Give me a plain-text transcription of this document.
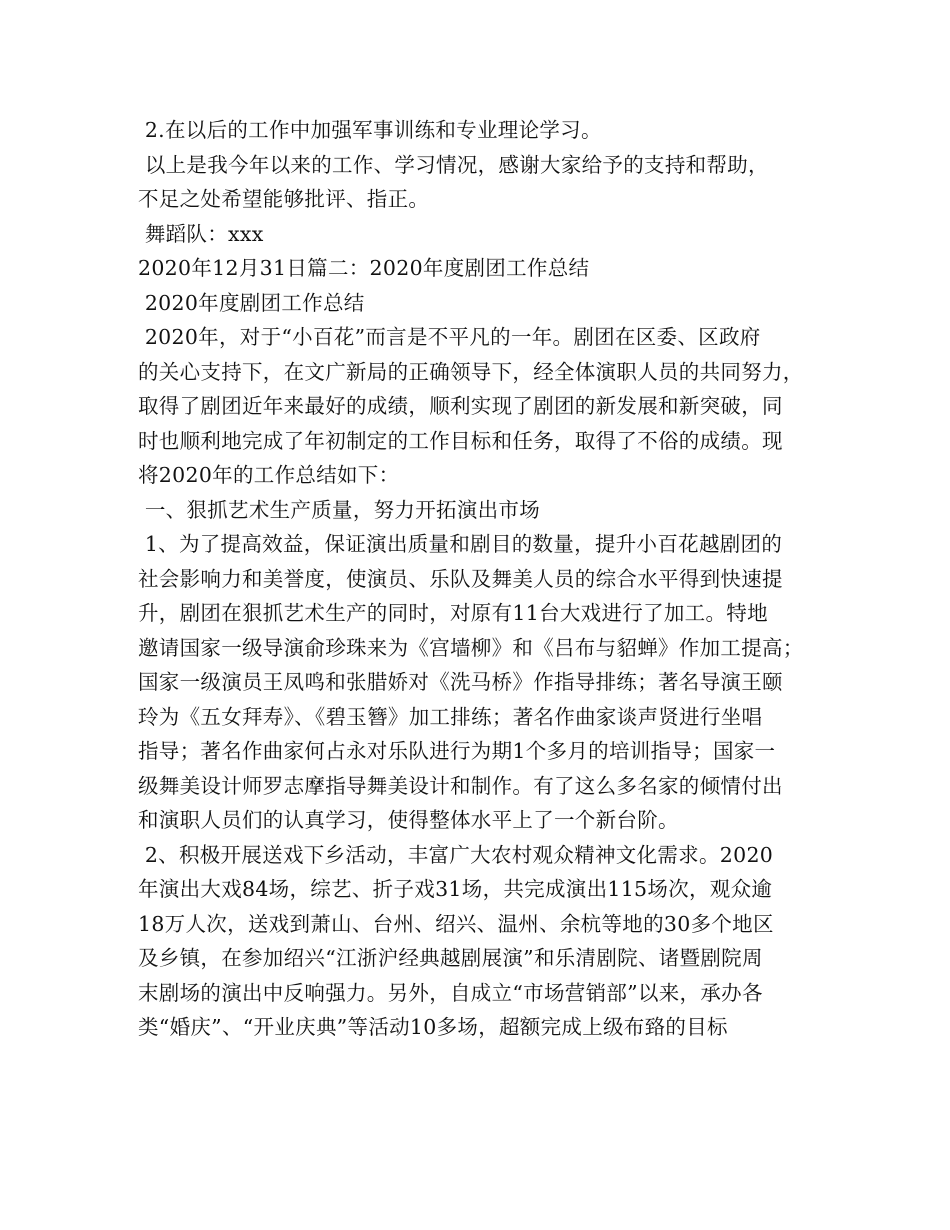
2.在以后的工作中加强军事训练和专业理论学习。
以上是我今年以来的工作、学习情况，感谢大家给予的支持和帮助，
不足之处希望能够批评、指正。
舞蹈队：xxx
2020年12月31日篇二：2020年度剧团工作总结
2020年度剧团工作总结
2020年，对于“小百花”而言是不平凡的一年。剧团在区委、区政府
的关心支持下，在文广新局的正确领导下，经全体演职人员的共同努力，
取得了剧团近年来最好的成绩，顺利实现了剧团的新发展和新突破，同
时也顺利地完成了年初制定的工作目标和任务，取得了不俗的成绩。现
将2020年的工作总结如下：
一、狠抓艺术生产质量，努力开拓演出市场
1、为了提高效益，保证演出质量和剧目的数量，提升小百花越剧团的
社会影响力和美誉度，使演员、乐队及舞美人员的综合水平得到快速提
升，剧团在狠抓艺术生产的同时，对原有11台大戏进行了加工。特地
邀请国家一级导演俞珍珠来为《宫墙柳》和《吕布与貂蝉》作加工提高；
国家一级演员王凤鸣和张腊娇对《洗马桥》作指导排练；著名导演王颐
玲为《五女拜寿》、《碧玉簪》加工排练；著名作曲家谈声贤进行坐唱
指导；著名作曲家何占永对乐队进行为期1个多月的培训指导；国家一
级舞美设计师罗志摩指导舞美设计和制作。有了这么多名家的倾情付出
和演职人员们的认真学习，使得整体水平上了一个新台阶。
2、积极开展送戏下乡活动，丰富广大农村观众精神文化需求。2020
年演出大戏84场，综艺、折子戏31场，共完成演出115场次，观众逾
18万人次，送戏到萧山、台州、绍兴、温州、余杭等地的30多个地区
及乡镇，在参加绍兴“江浙沪经典越剧展演”和乐清剧院、诸暨剧院周
末剧场的演出中反响强力。另外，自成立“市场营销部”以来，承办各
类“婚庆”、“开业庆典”等活动10多场，超额完成上级布臵的目标
